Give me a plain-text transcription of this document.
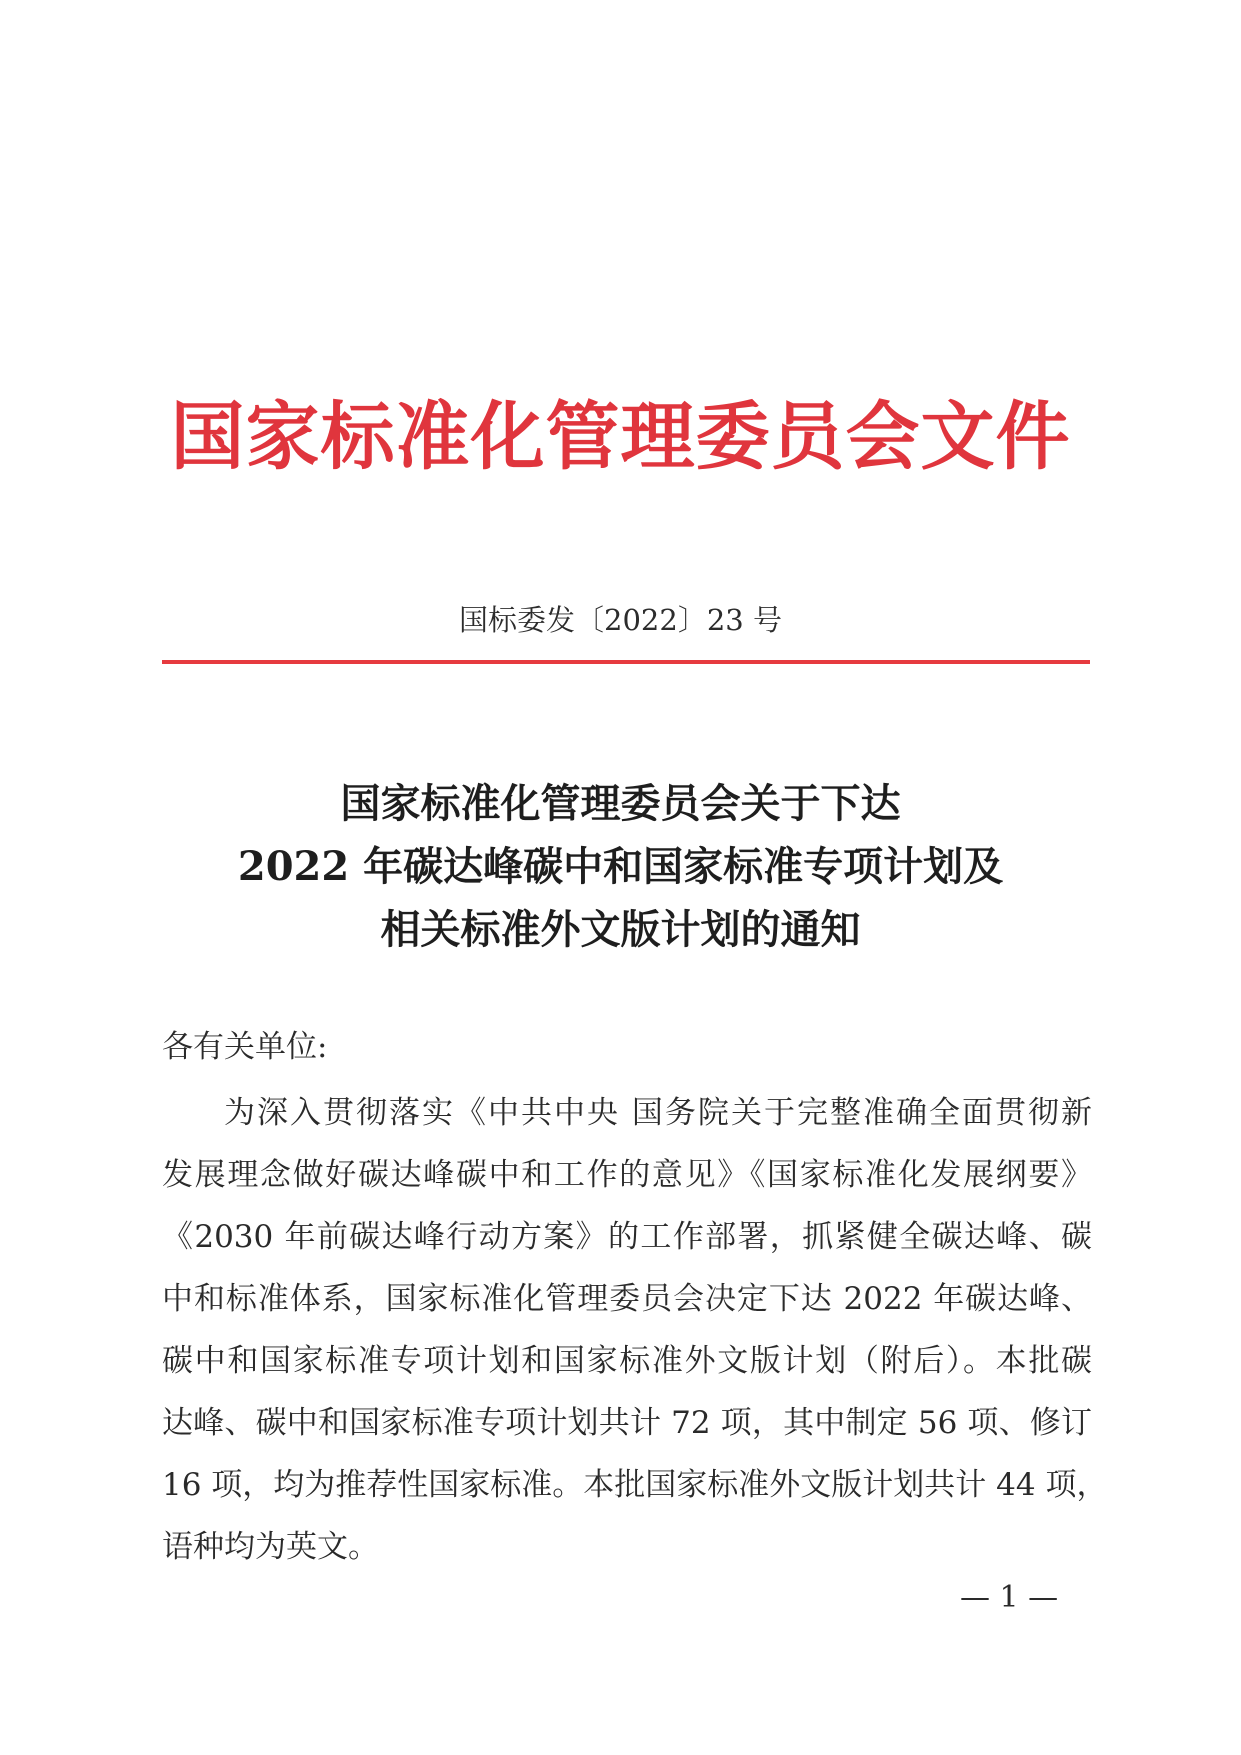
国家标准化管理委员会文件
国标委发〔2022〕23 号
国家标准化管理委员会关于下达
2022 年碳达峰碳中和国家标准专项计划及
相关标准外文版计划的通知
各有关单位:
为深入贯彻落实《中共中央 国务院关于完整准确全面贯彻新
发展理念做好碳达峰碳中和工作的意见》《国家标准化发展纲要》
《2030 年前碳达峰行动方案》的工作部署，抓紧健全碳达峰、碳
中和标准体系，国家标准化管理委员会决定下达 2022 年碳达峰、
碳中和国家标准专项计划和国家标准外文版计划（附后）。本批碳
达峰、碳中和国家标准专项计划共计 72 项，其中制定 56 项、修订
16 项，均为推荐性国家标准。本批国家标准外文版计划共计 44 项，
语种均为英文。
— 1 —
